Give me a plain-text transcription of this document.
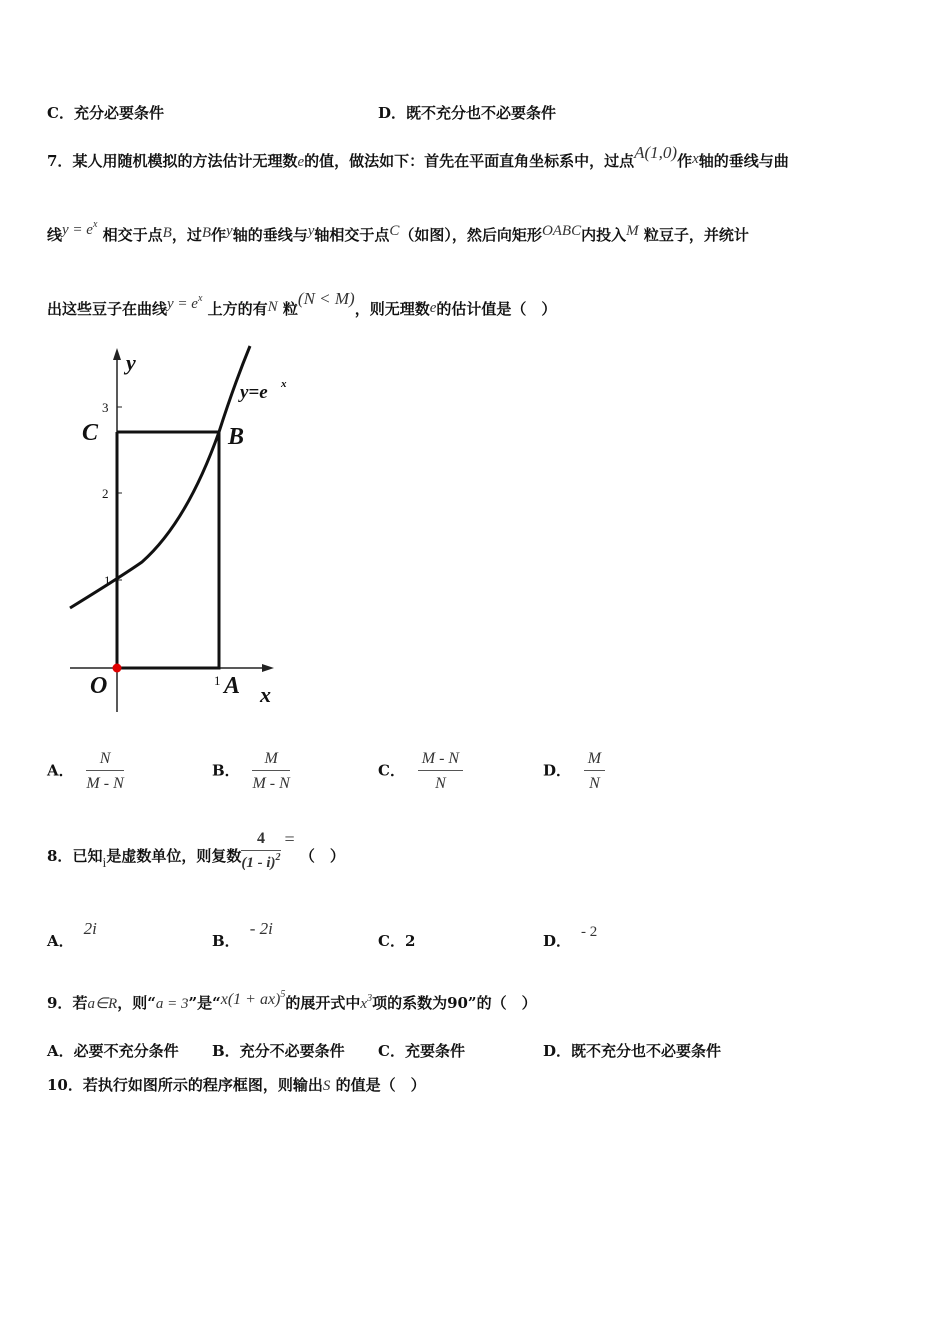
C．充分必要条件	D．既不充分也不必要条件
7．某人用随机模拟的方法估计无理数e的值，做法如下：首先在平面直角坐标系中，过点A(1,0)作x轴的垂线与曲
线$y = e^x$ 相交于点B，过B作y轴的垂线与y轴相交于点C（如图），然后向矩形OABC内投入M 粒豆子，并统计
出这些豆子在曲线$y = e^x$ 上方的有N 粒(N < M)，则无理数e的估计值是（　）
y
x
y=e x
C	B
O	A
3
2
1
1
A． $\frac{N}{M - N}$	B． $\frac{M}{M - N}$	C． $\frac{M - N}{N}$	D． $\frac{M}{N}$
8．已知i是虚数单位，则复数 $\frac{4}{(1 - i)^2}$ = （　）
A．2i
B．- 2i
C．2	D． - 2
9．若a∈R，则“a = 3”是“x(1 + ax)$^5$的展开式中$x^3$项的系数为90”的（　）
A．必要不充分条件 B．充分不必要条件 C．充要条件	D．既不充分也不必要条件
10．若执行如图所示的程序框图，则输出S 的值是（　）
